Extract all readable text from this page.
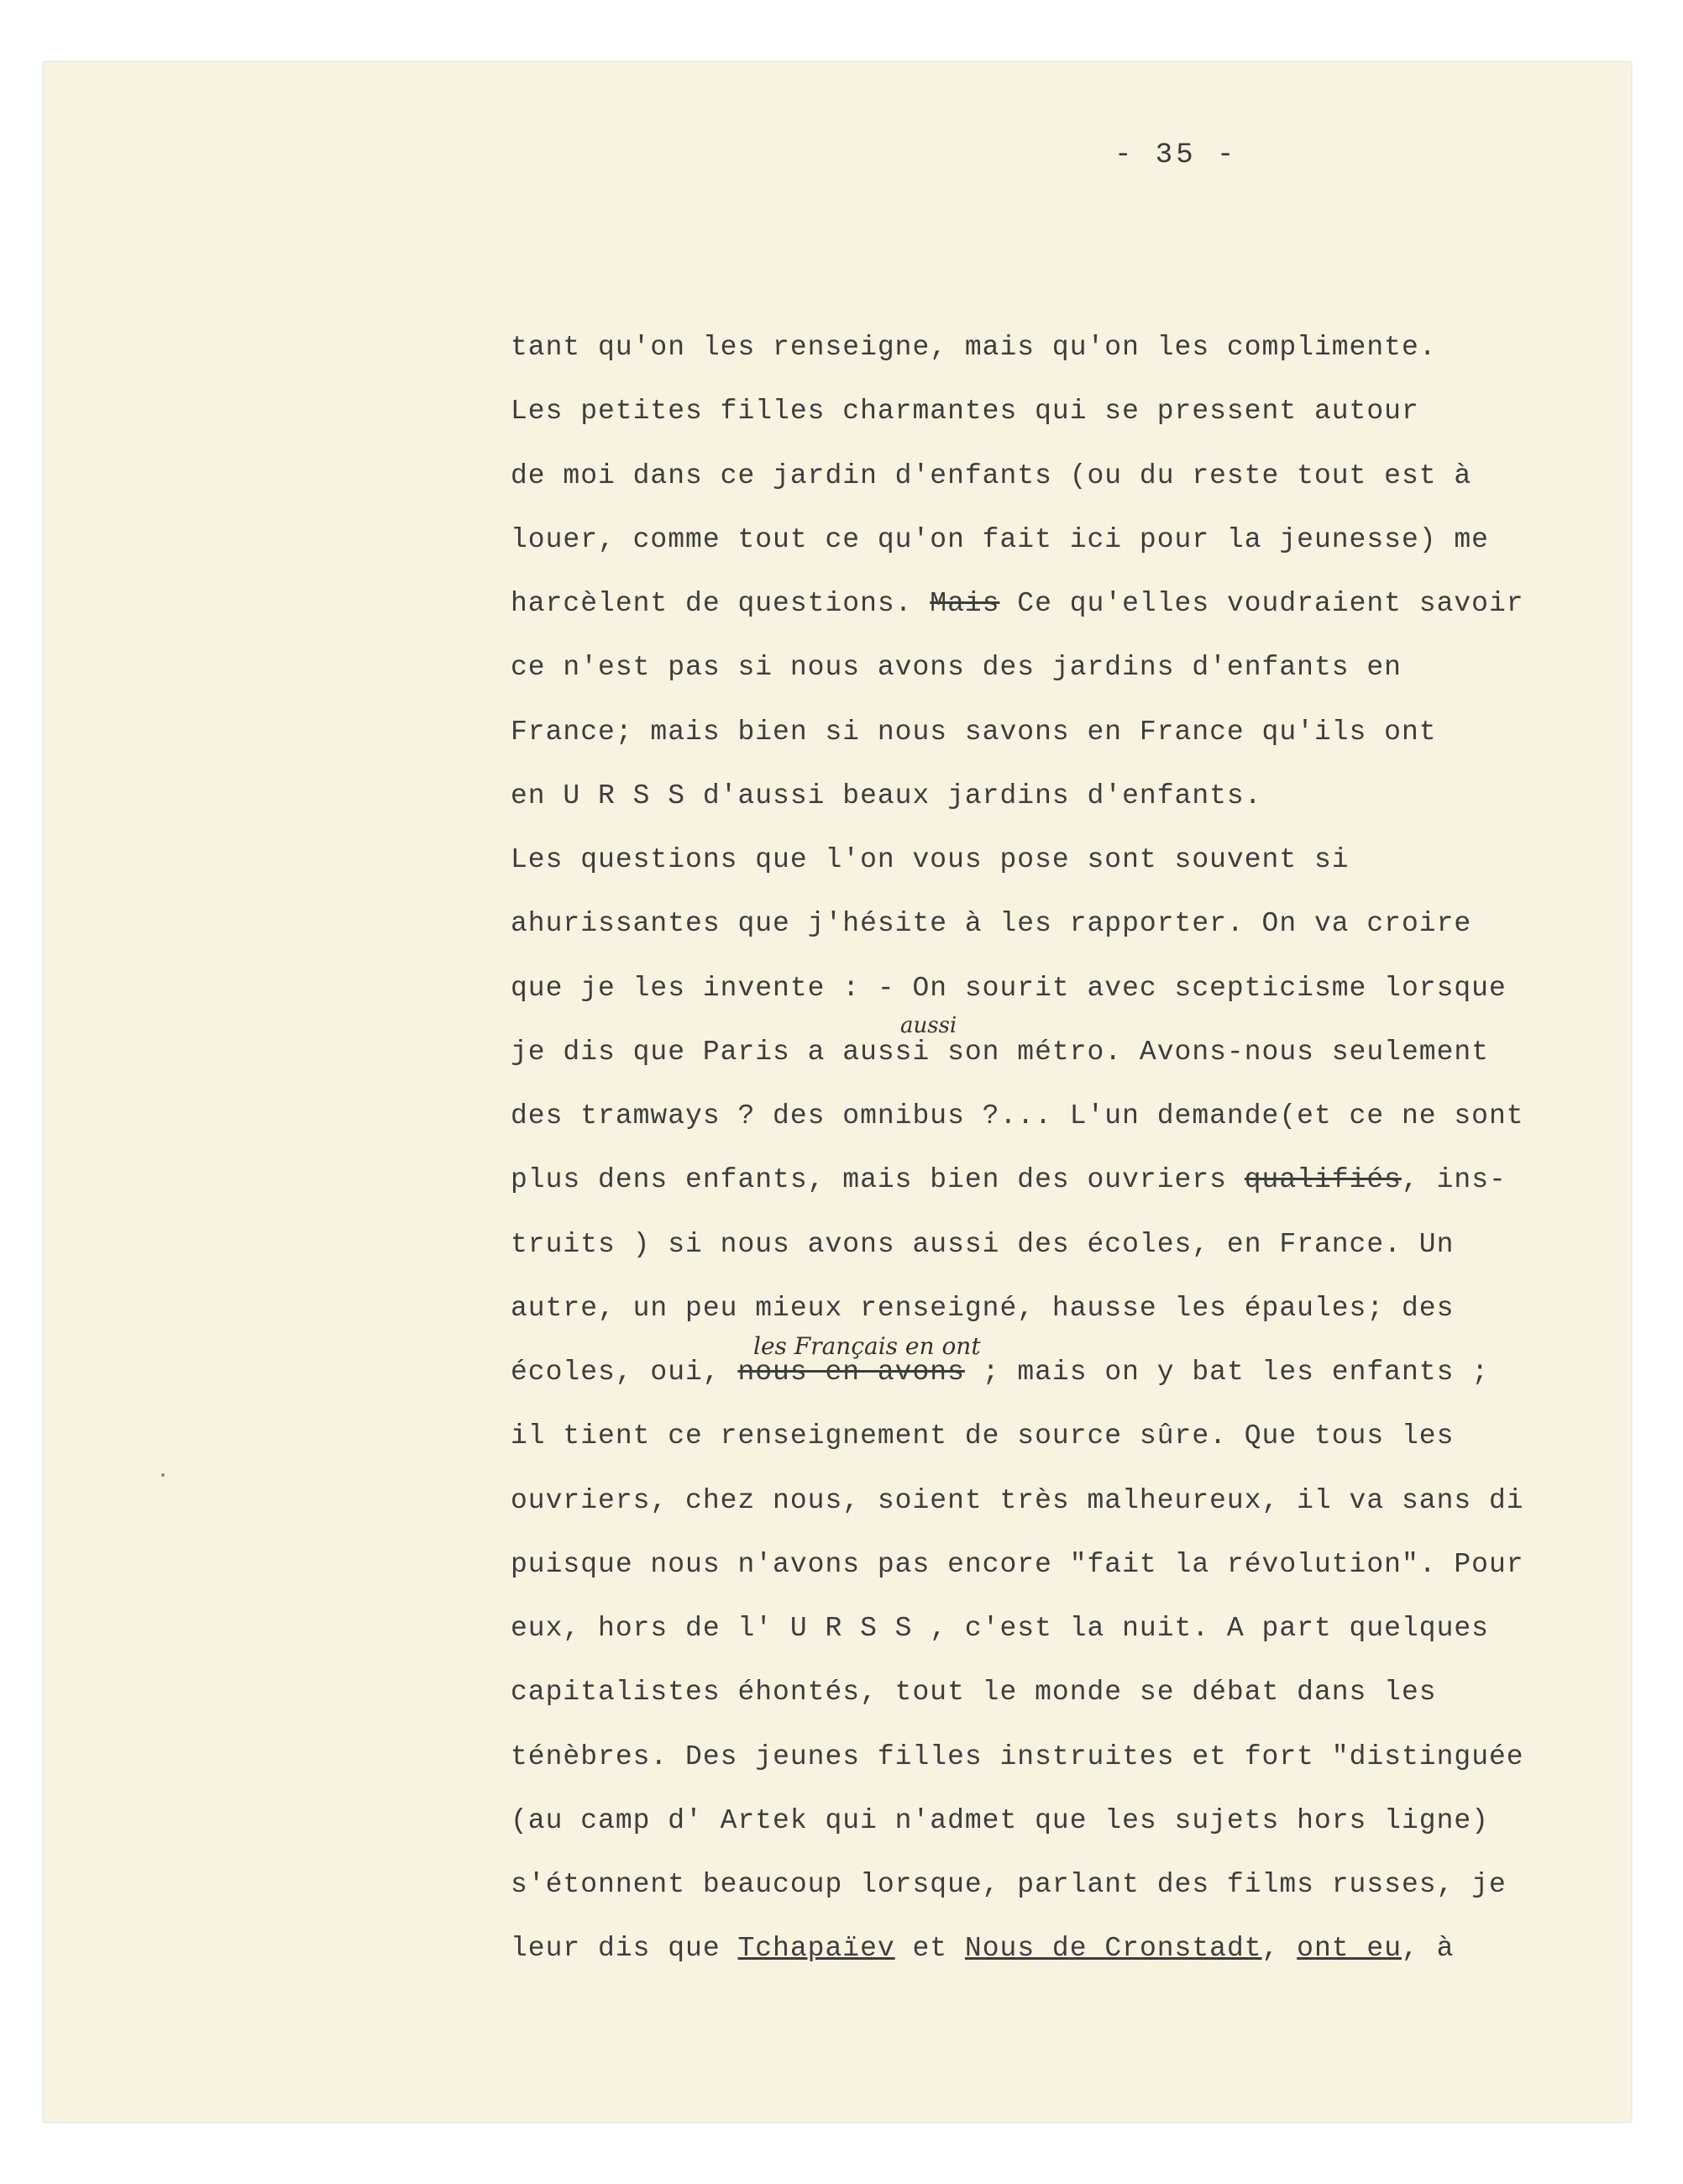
- 35 -
tant qu'on les renseigne, mais qu'on les complimente.
Les petites filles charmantes qui se pressent autour
de moi dans ce jardin d'enfants (ou du reste tout est à
louer, comme tout ce qu'on fait ici pour la jeunesse) me
harcèlent de questions. Mais Ce qu'elles voudraient savoir
ce n'est pas si nous avons des jardins d'enfants en
France; mais bien si nous savons en France qu'ils ont
en U R S S d'aussi beaux jardins d'enfants.
Les questions que l'on vous pose sont souvent si
ahurissantes que j'hésite à les rapporter. On va croire
que je les invente : - On sourit avec scepticisme lorsque
je dis que Paris a aussi son métro. Avons-nous seulement
des tramways ? des omnibus ?... L'un demande(et ce ne sont
plus dens enfants, mais bien des ouvriers qualifiés, ins-
truits ) si nous avons aussi des écoles, en France. Un
autre, un peu mieux renseigné, hausse les épaules; des
écoles, oui, nous en avons ; mais on y bat les enfants ;
il tient ce renseignement de source sûre. Que tous les
ouvriers, chez nous, soient très malheureux, il va sans di
puisque nous n'avons pas encore "fait la révolution". Pour
eux, hors de l' U R S S , c'est la nuit. A part quelques
capitalistes éhontés, tout le monde se débat dans les
ténèbres. Des jeunes filles instruites et fort "distinguée
(au camp d' Artek qui n'admet que les sujets hors ligne)
s'étonnent beaucoup lorsque, parlant des films russes, je
leur dis que Tchapaïev et Nous de Cronstadt, ont eu, à
aussi
les Français en ont
